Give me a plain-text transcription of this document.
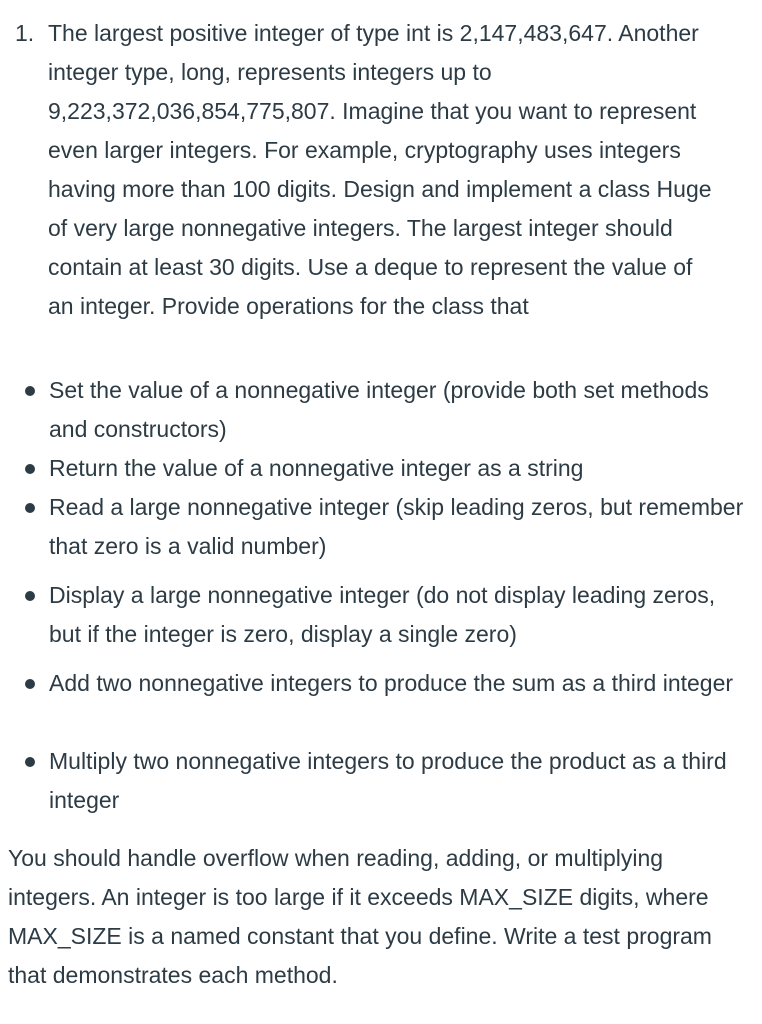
1. The largest positive integer of type int is 2,147,483,647. Another integer type, long, represents integers up to 9,223,372,036,854,775,807. Imagine that you want to represent even larger integers. For example, cryptography uses integers having more than 100 digits. Design and implement a class Huge of very large nonnegative integers. The largest integer should contain at least 30 digits. Use a deque to represent the value of an integer. Provide operations for the class that
Set the value of a nonnegative integer (provide both set methods and constructors)
Return the value of a nonnegative integer as a string
Read a large nonnegative integer (skip leading zeros, but remember that zero is a valid number)
Display a large nonnegative integer (do not display leading zeros, but if the integer is zero, display a single zero)
Add two nonnegative integers to produce the sum as a third integer
Multiply two nonnegative integers to produce the product as a third integer
You should handle overflow when reading, adding, or multiplying integers. An integer is too large if it exceeds MAX_SIZE digits, where MAX_SIZE is a named constant that you define. Write a test program that demonstrates each method.
